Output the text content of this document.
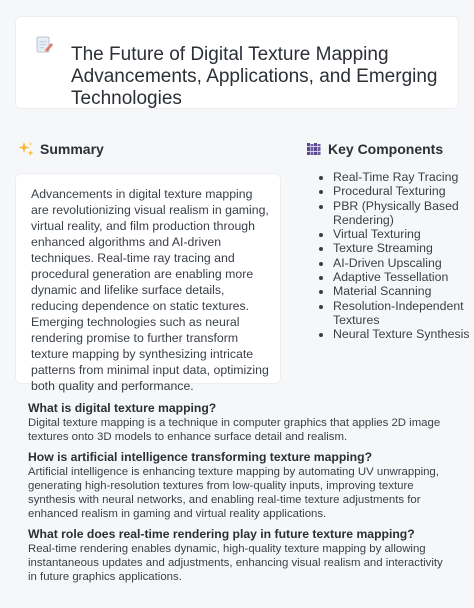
The Future of Digital Texture Mapping Advancements, Applications, and Emerging Technologies
Summary

Advancements in digital texture mapping are revolutionizing visual realism in gaming, virtual reality, and film production through enhanced algorithms and AI-driven techniques. Real-time ray tracing and procedural generation are enabling more dynamic and lifelike surface details, reducing dependence on static textures. Emerging technologies such as neural rendering promise to further transform texture mapping by synthesizing intricate patterns from minimal input data, optimizing both quality and performance.

Key Components
• Real-Time Ray Tracing
• Procedural Texturing
• PBR (Physically Based Rendering)
• Virtual Texturing
• Texture Streaming
• AI-Driven Upscaling
• Adaptive Tessellation
• Material Scanning
• Resolution-Independent Textures
• Neural Texture Synthesis

What is digital texture mapping?

Digital texture mapping is a technique in computer graphics that applies 2D image textures onto 3D models to enhance surface detail and realism.

How is artificial intelligence transforming texture mapping?

Artificial intelligence is enhancing texture mapping by automating UV unwrapping, generating high-resolution textures from low-quality inputs, improving texture synthesis with neural networks, and enabling real-time texture adjustments for enhanced realism in gaming and virtual reality applications.

What role does real-time rendering play in future texture mapping?

Real-time rendering enables dynamic, high-quality texture mapping by allowing instantaneous updates and adjustments, enhancing visual realism and interactivity in future graphics applications.
